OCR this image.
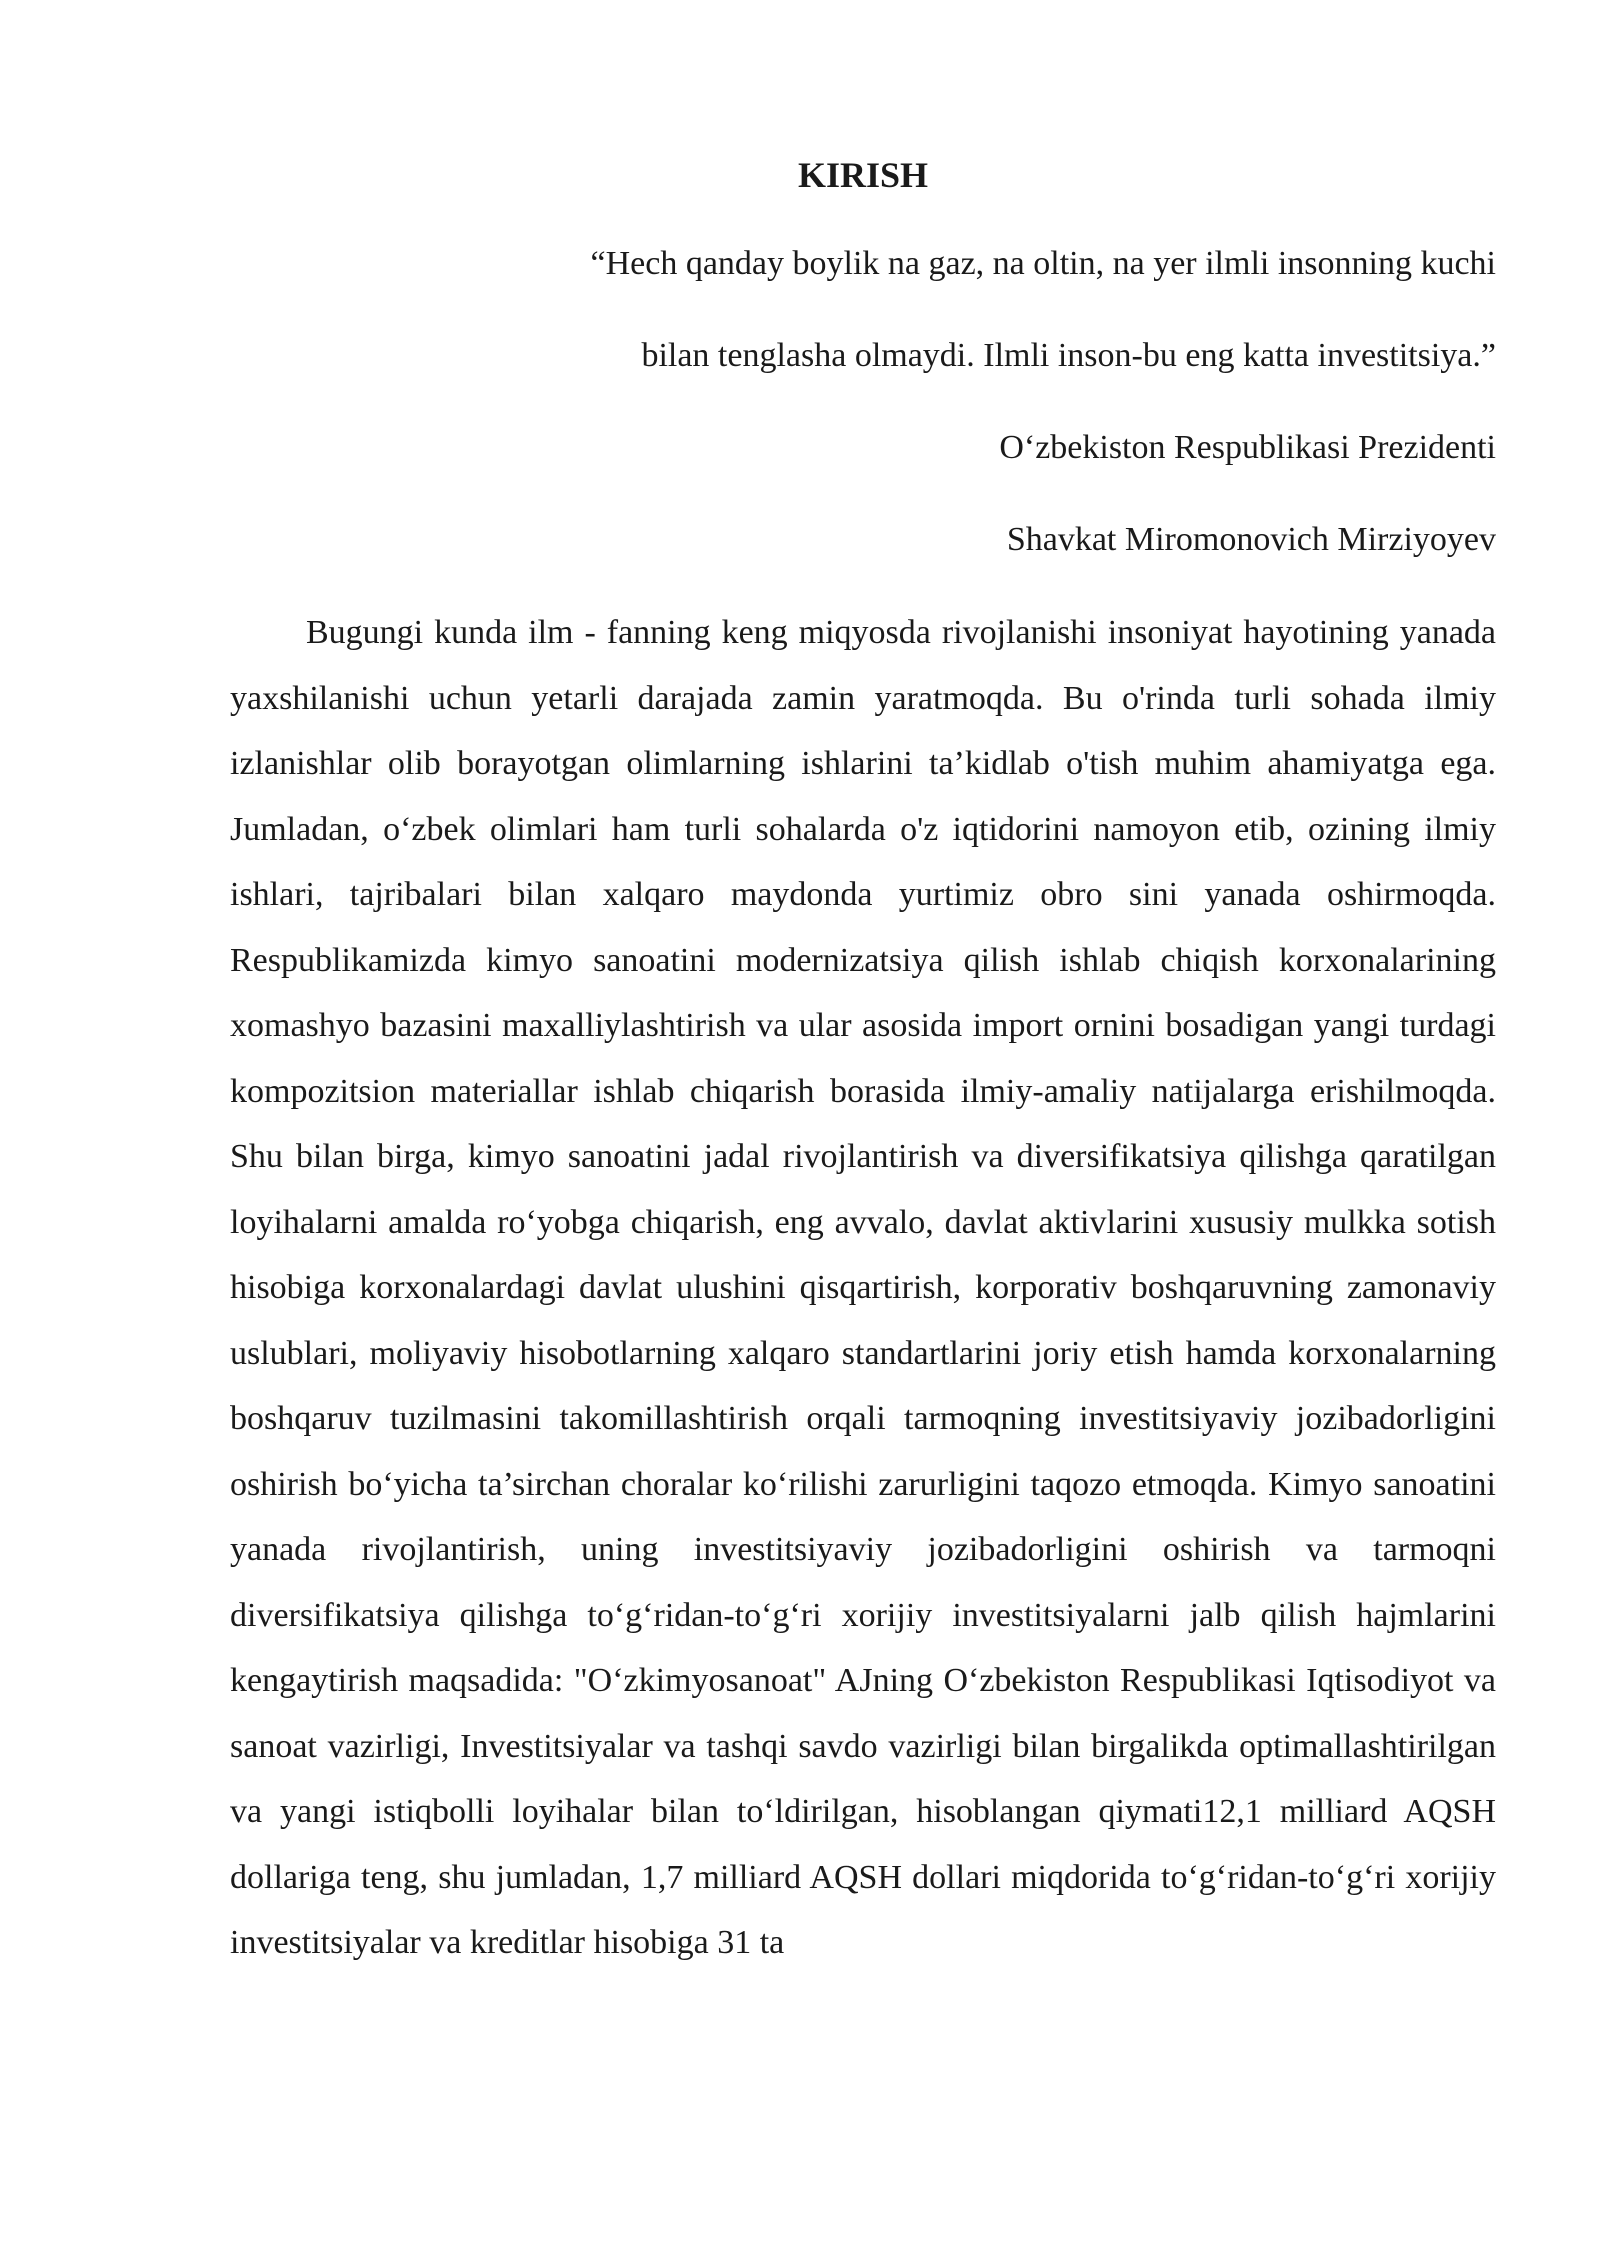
KIRISH

“Hech qanday boylik na gaz, na oltin, na yer ilmli insonning kuchi

bilan tenglasha olmaydi. Ilmli inson-bu eng katta investitsiya.”

O‘zbekiston Respublikasi Prezidenti

Shavkat Miromonovich Mirziyoyev

Bugungi kunda ilm - fanning keng miqyosda rivojlanishi insoniyat hayotining yanada yaxshilanishi uchun yetarli darajada zamin yaratmoqda. Bu o'rinda turli sohada ilmiy izlanishlar olib borayotgan olimlarning ishlarini ta’kidlab o'tish muhim ahamiyatga ega. Jumladan, o‘zbek olimlari ham turli sohalarda o'z iqtidorini namoyon etib, ozining ilmiy ishlari, tajribalari bilan xalqaro maydonda yurtimiz obro sini yanada oshirmoqda. Respublikamizda kimyo sanoatini modernizatsiya qilish ishlab chiqish korxonalarining xomashyo bazasini maxalliylashtirish va ular asosida import ornini bosadigan yangi turdagi kompozitsion materiallar ishlab chiqarish borasida ilmiy-amaliy natijalarga erishilmoqda. Shu bilan birga, kimyo sanoatini jadal rivojlantirish va diversifikatsiya qilishga qaratilgan loyihalarni amalda ro‘yobga chiqarish, eng avvalo, davlat aktivlarini xususiy mulkka sotish hisobiga korxonalardagi davlat ulushini qisqartirish, korporativ boshqaruvning zamonaviy uslublari, moliyaviy hisobotlarning xalqaro standartlarini joriy etish hamda korxonalarning boshqaruv tuzilmasini takomillashtirish orqali tarmoqning investitsiyaviy jozibadorligini oshirish bo‘yicha ta’sirchan choralar ko‘rilishi zarurligini taqozo etmoqda. Kimyo sanoatini yanada rivojlantirish, uning investitsiyaviy jozibadorligini oshirish va tarmoqni diversifikatsiya qilishga to‘g‘ridan-to‘g‘ri xorijiy investitsiyalarni jalb qilish hajmlarini kengaytirish maqsadida: "O‘zkimyosanoat" AJning O‘zbekiston Respublikasi Iqtisodiyot va sanoat vazirligi, Investitsiyalar va tashqi savdo vazirligi bilan birgalikda optimallashtirilgan va yangi istiqbolli loyihalar bilan to‘ldirilgan, hisoblangan qiymati12,1 milliard AQSH dollariga teng, shu jumladan, 1,7 milliard AQSH dollari miqdorida to‘g‘ridan-to‘g‘ri xorijiy investitsiyalar va kreditlar hisobiga 31 ta
